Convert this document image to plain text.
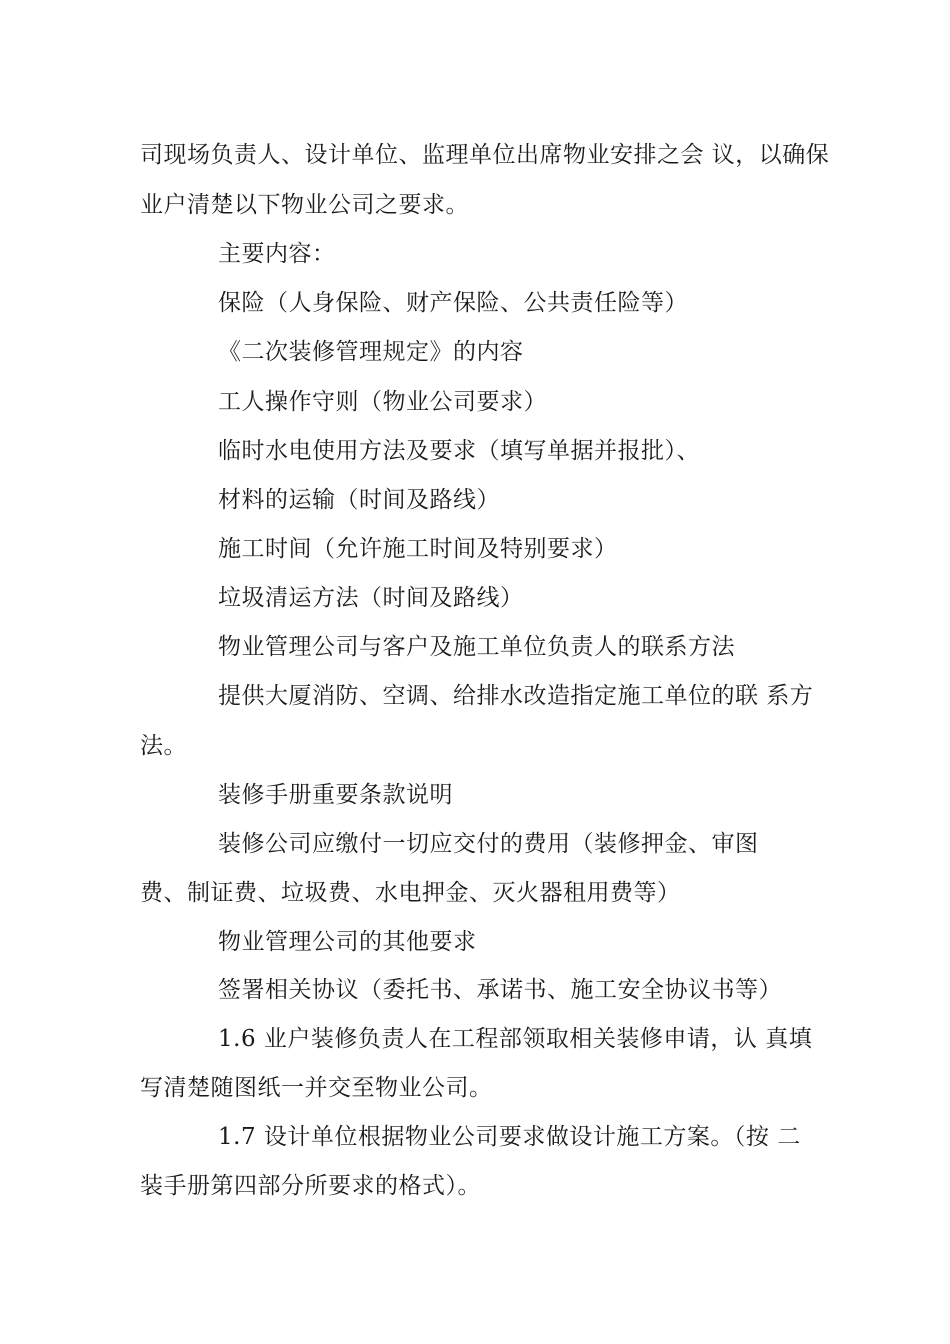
司现场负责人、设计单位、监理单位出席物业安排之会 议，以确保
业户清楚以下物业公司之要求。
主要内容：
保险（人身保险、财产保险、公共责任险等）
《二次装修管理规定》的内容
工人操作守则（物业公司要求）
临时水电使用方法及要求（填写单据并报批）、
材料的运输（时间及路线）
施工时间（允许施工时间及特别要求）
垃圾清运方法（时间及路线）
物业管理公司与客户及施工单位负责人的联系方法
提供大厦消防、空调、给排水改造指定施工单位的联 系方
法。
装修手册重要条款说明
装修公司应缴付一切应交付的费用（装修押金、审图
费、制证费、垃圾费、水电押金、灭火器租用费等）
物业管理公司的其他要求
签署相关协议（委托书、承诺书、施工安全协议书等）
1.6 业户装修负责人在工程部领取相关装修申请，认 真填
写清楚随图纸一并交至物业公司。
1.7 设计单位根据物业公司要求做设计施工方案。（按 二
装手册第四部分所要求的格式）。
